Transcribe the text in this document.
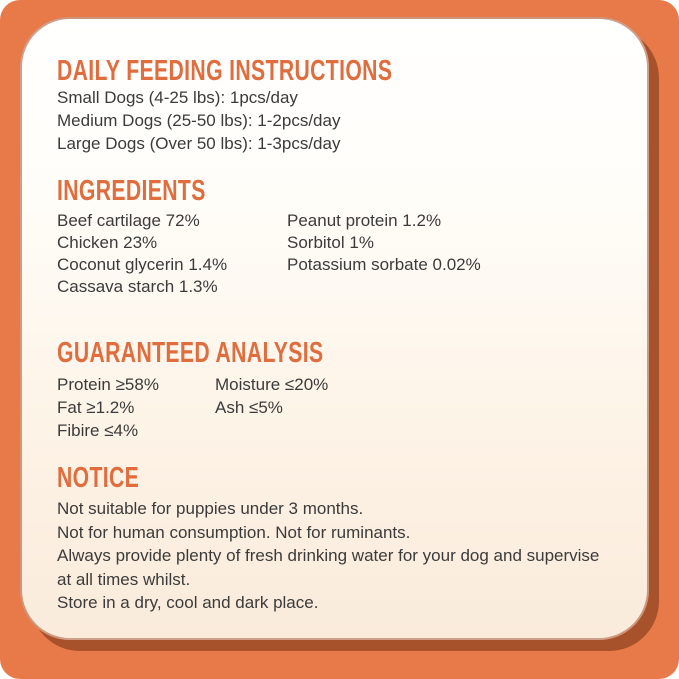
DAILY FEEDING INSTRUCTIONS
Small Dogs (4-25 lbs): 1pcs/day
Medium Dogs (25-50 lbs): 1-2pcs/day
Large Dogs (Over 50 lbs): 1-3pcs/day
INGREDIENTS
Beef cartilage 72%	Peanut protein 1.2%
Chicken 23%	Sorbitol 1%
Coconut glycerin 1.4%	Potassium sorbate 0.02%
Cassava starch 1.3%
GUARANTEED ANALYSIS
Protein ≥58%	Moisture ≤20%
Fat ≥1.2%	Ash ≤5%
Fibire ≤4%
NOTICE
Not suitable for puppies under 3 months.
Not for human consumption. Not for ruminants.
Always provide plenty of fresh drinking water for your dog and supervise
at all times whilst.
Store in a dry, cool and dark place.
